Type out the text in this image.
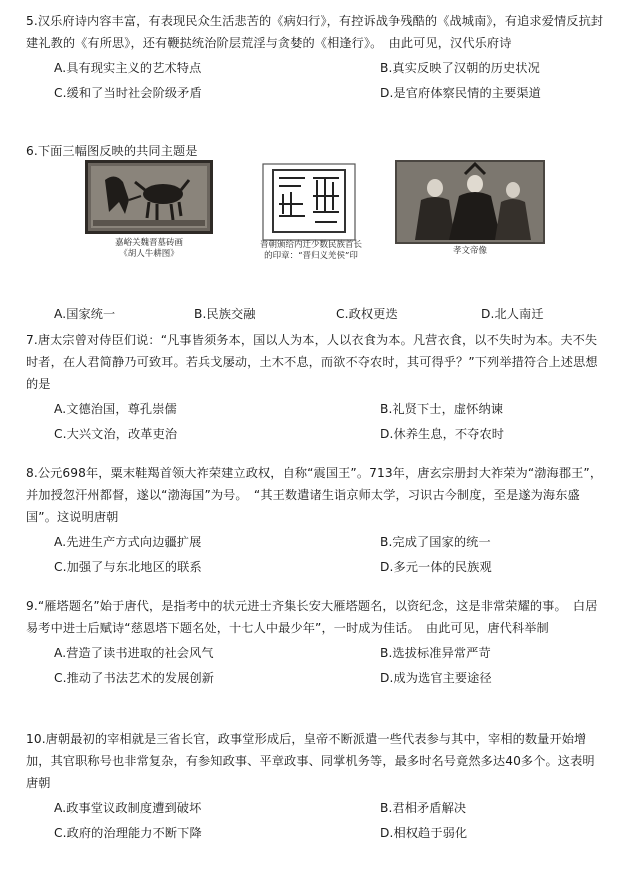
5.汉乐府诗内容丰富，有表现民众生活悲苦的《病妇行》，有控诉战争残酷的《战城南》，有追求爱情反抗封建礼教的《有所思》，还有鞭挞统治阶层荒淫与贪婪的《相逢行》。　由此可见，汉代乐府诗

A.具有现实主义的艺术特点	B.真实反映了汉朝的历史状况
C.缓和了当时社会阶级矛盾	D.是官府体察民情的主要渠道

6.下面三幅图反映的共同主题是

嘉峪关魏晋墓砖画
《胡人牛耕图》
晋朝颁给内迁少数民族首长
的印章：“晋归义羌侯”印	孝文帝像
A.国家统一	B.民族交融	C.政权更迭	D.北人南迁

7.唐太宗曾对侍臣们说：“凡事皆须务本，国以人为本，人以衣食为本。凡营衣食，以不失时为本。夫不失时者，在人君简静乃可致耳。若兵戈屡动，土木不息，而欲不夺农时，其可得乎？”下列举措符合上述思想的是

A.文德治国，尊孔崇儒	B.礼贤下士，虚怀纳谏
C.大兴文治，改革吏治	D.休养生息，不夺农时

8.公元698年，粟末鞋羯首领大祚荣建立政权，自称“震国王”。713年，唐玄宗册封大祚荣为“渤海郡王”，并加授忽汗州都督，遂以“渤海国”为号。　“其王数遣诸生诣京师太学，习识古今制度，至是遂为海东盛国”。这说明唐朝

A.先进生产方式向边疆扩展	B.完成了国家的统一
C.加强了与东北地区的联系	D.多元一体的民族观

9.“雁塔题名”始于唐代，是指考中的状元进士齐集长安大雁塔题名，以资纪念，这是非常荣耀的事。　白居易考中进士后赋诗“慈恩塔下题名处，十七人中最少年”，一时成为佳话。　由此可见，唐代科举制

A.营造了读书进取的社会风气	B.选拔标准异常严苛
C.推动了书法艺术的发展创新	D.成为选官主要途径

10.唐朝最初的宰相就是三省长官，政事堂形成后，皇帝不断派遣一些代表参与其中，宰相的数量开始增加，其官职称号也非常复杂，有参知政事、平章政事、同掌机务等，最多时名号竟然多达40多个。这表明唐朝

A.政事堂议政制度遭到破坏	B.君相矛盾解决
C.政府的治理能力不断下降	D.相权趋于弱化
